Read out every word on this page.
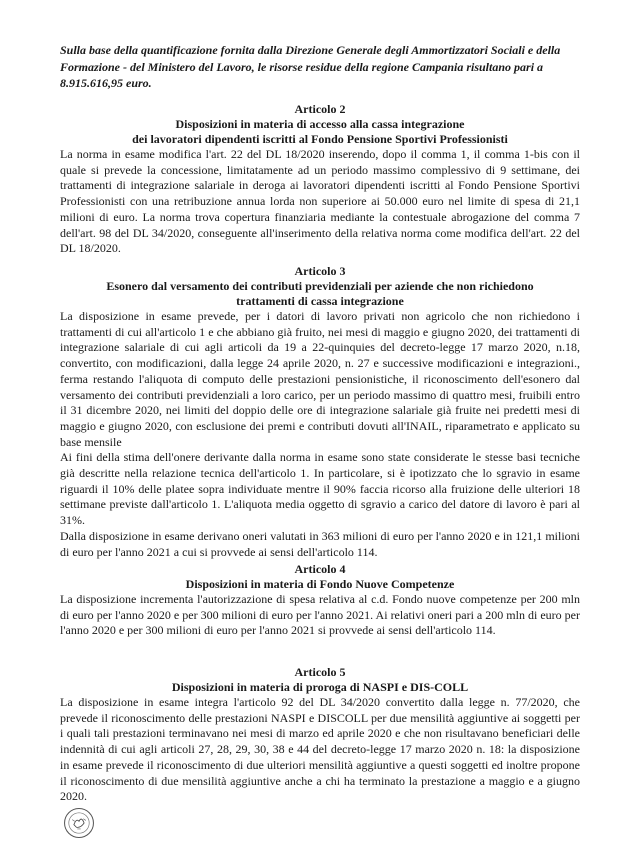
Sulla base della quantificazione fornita dalla Direzione Generale degli Ammortizzatori Sociali e della Formazione - del Ministero del Lavoro, le risorse residue della regione Campania risultano pari a 8.915.616,95 euro.
Articolo 2
Disposizioni in materia di accesso alla cassa integrazione
dei lavoratori dipendenti iscritti al Fondo Pensione Sportivi Professionisti

La norma in esame modifica l'art. 22 del DL 18/2020 inserendo, dopo il comma 1, il comma 1-bis con il quale si prevede la concessione, limitatamente ad un periodo massimo complessivo di 9 settimane, dei trattamenti di integrazione salariale in deroga ai lavoratori dipendenti iscritti al Fondo Pensione Sportivi Professionisti con una retribuzione annua lorda non superiore ai 50.000 euro nel limite di spesa di 21,1 milioni di euro. La norma trova copertura finanziaria mediante la contestuale abrogazione del comma 7 dell'art. 98 del DL 34/2020, conseguente all'inserimento della relativa norma come modifica dell'art. 22 del DL 18/2020.

Articolo 3
Esonero dal versamento dei contributi previdenziali per aziende che non richiedono
trattamenti di cassa integrazione

La disposizione in esame prevede, per i datori di lavoro privati non agricolo che non richiedono i trattamenti di cui all'articolo 1 e che abbiano già fruito, nei mesi di maggio e giugno 2020, dei trattamenti di integrazione salariale di cui agli articoli da 19 a 22-quinquies del decreto-legge 17 marzo 2020, n.18, convertito, con modificazioni, dalla legge 24 aprile 2020, n. 27 e successive modificazioni e integrazioni., ferma restando l'aliquota di computo delle prestazioni pensionistiche, il riconoscimento dell'esonero dal versamento dei contributi previdenziali a loro carico, per un periodo massimo di quattro mesi, fruibili entro il 31 dicembre 2020, nei limiti del doppio delle ore di integrazione salariale già fruite nei predetti mesi di maggio e giugno 2020, con esclusione dei premi e contributi dovuti all'INAIL, riparametrato e applicato su base mensile

Ai fini della stima dell'onere derivante dalla norma in esame sono state considerate le stesse basi tecniche già descritte nella relazione tecnica dell'articolo 1. In particolare, si è ipotizzato che lo sgravio in esame riguardi il 10% delle platee sopra individuate mentre il 90% faccia ricorso alla fruizione delle ulteriori 18 settimane previste dall'articolo 1. L'aliquota media oggetto di sgravio a carico del datore di lavoro è pari al 31%.

Dalla disposizione in esame derivano oneri valutati in 363 milioni di euro per l'anno 2020 e in 121,1 milioni di euro per l'anno 2021 a cui si provvede ai sensi dell'articolo 114.

Articolo 4
Disposizioni in materia di Fondo Nuove Competenze

La disposizione incrementa l'autorizzazione di spesa relativa al c.d. Fondo nuove competenze per 200 mln di euro per l'anno 2020 e per 300 milioni di euro per l'anno 2021. Ai relativi oneri pari a 200 mln di euro per l'anno 2020 e per 300 milioni di euro per l'anno 2021 si provvede ai sensi dell'articolo 114.

Articolo 5
Disposizioni in materia di proroga di NASPI e DIS-COLL

La disposizione in esame integra l'articolo 92 del DL 34/2020 convertito dalla legge n. 77/2020, che prevede il riconoscimento delle prestazioni NASPI e DISCOLL per due mensilità aggiuntive ai soggetti per i quali tali prestazioni terminavano nei mesi di marzo ed aprile 2020 e che non risultavano beneficiari delle indennità di cui agli articoli 27, 28, 29, 30, 38 e 44 del decreto-legge 17 marzo 2020 n. 18: la disposizione in esame prevede il riconoscimento di due ulteriori mensilità aggiuntive a questi soggetti ed inoltre propone il riconoscimento di due mensilità aggiuntive anche a chi ha terminato la prestazione a maggio e a giugno 2020.
